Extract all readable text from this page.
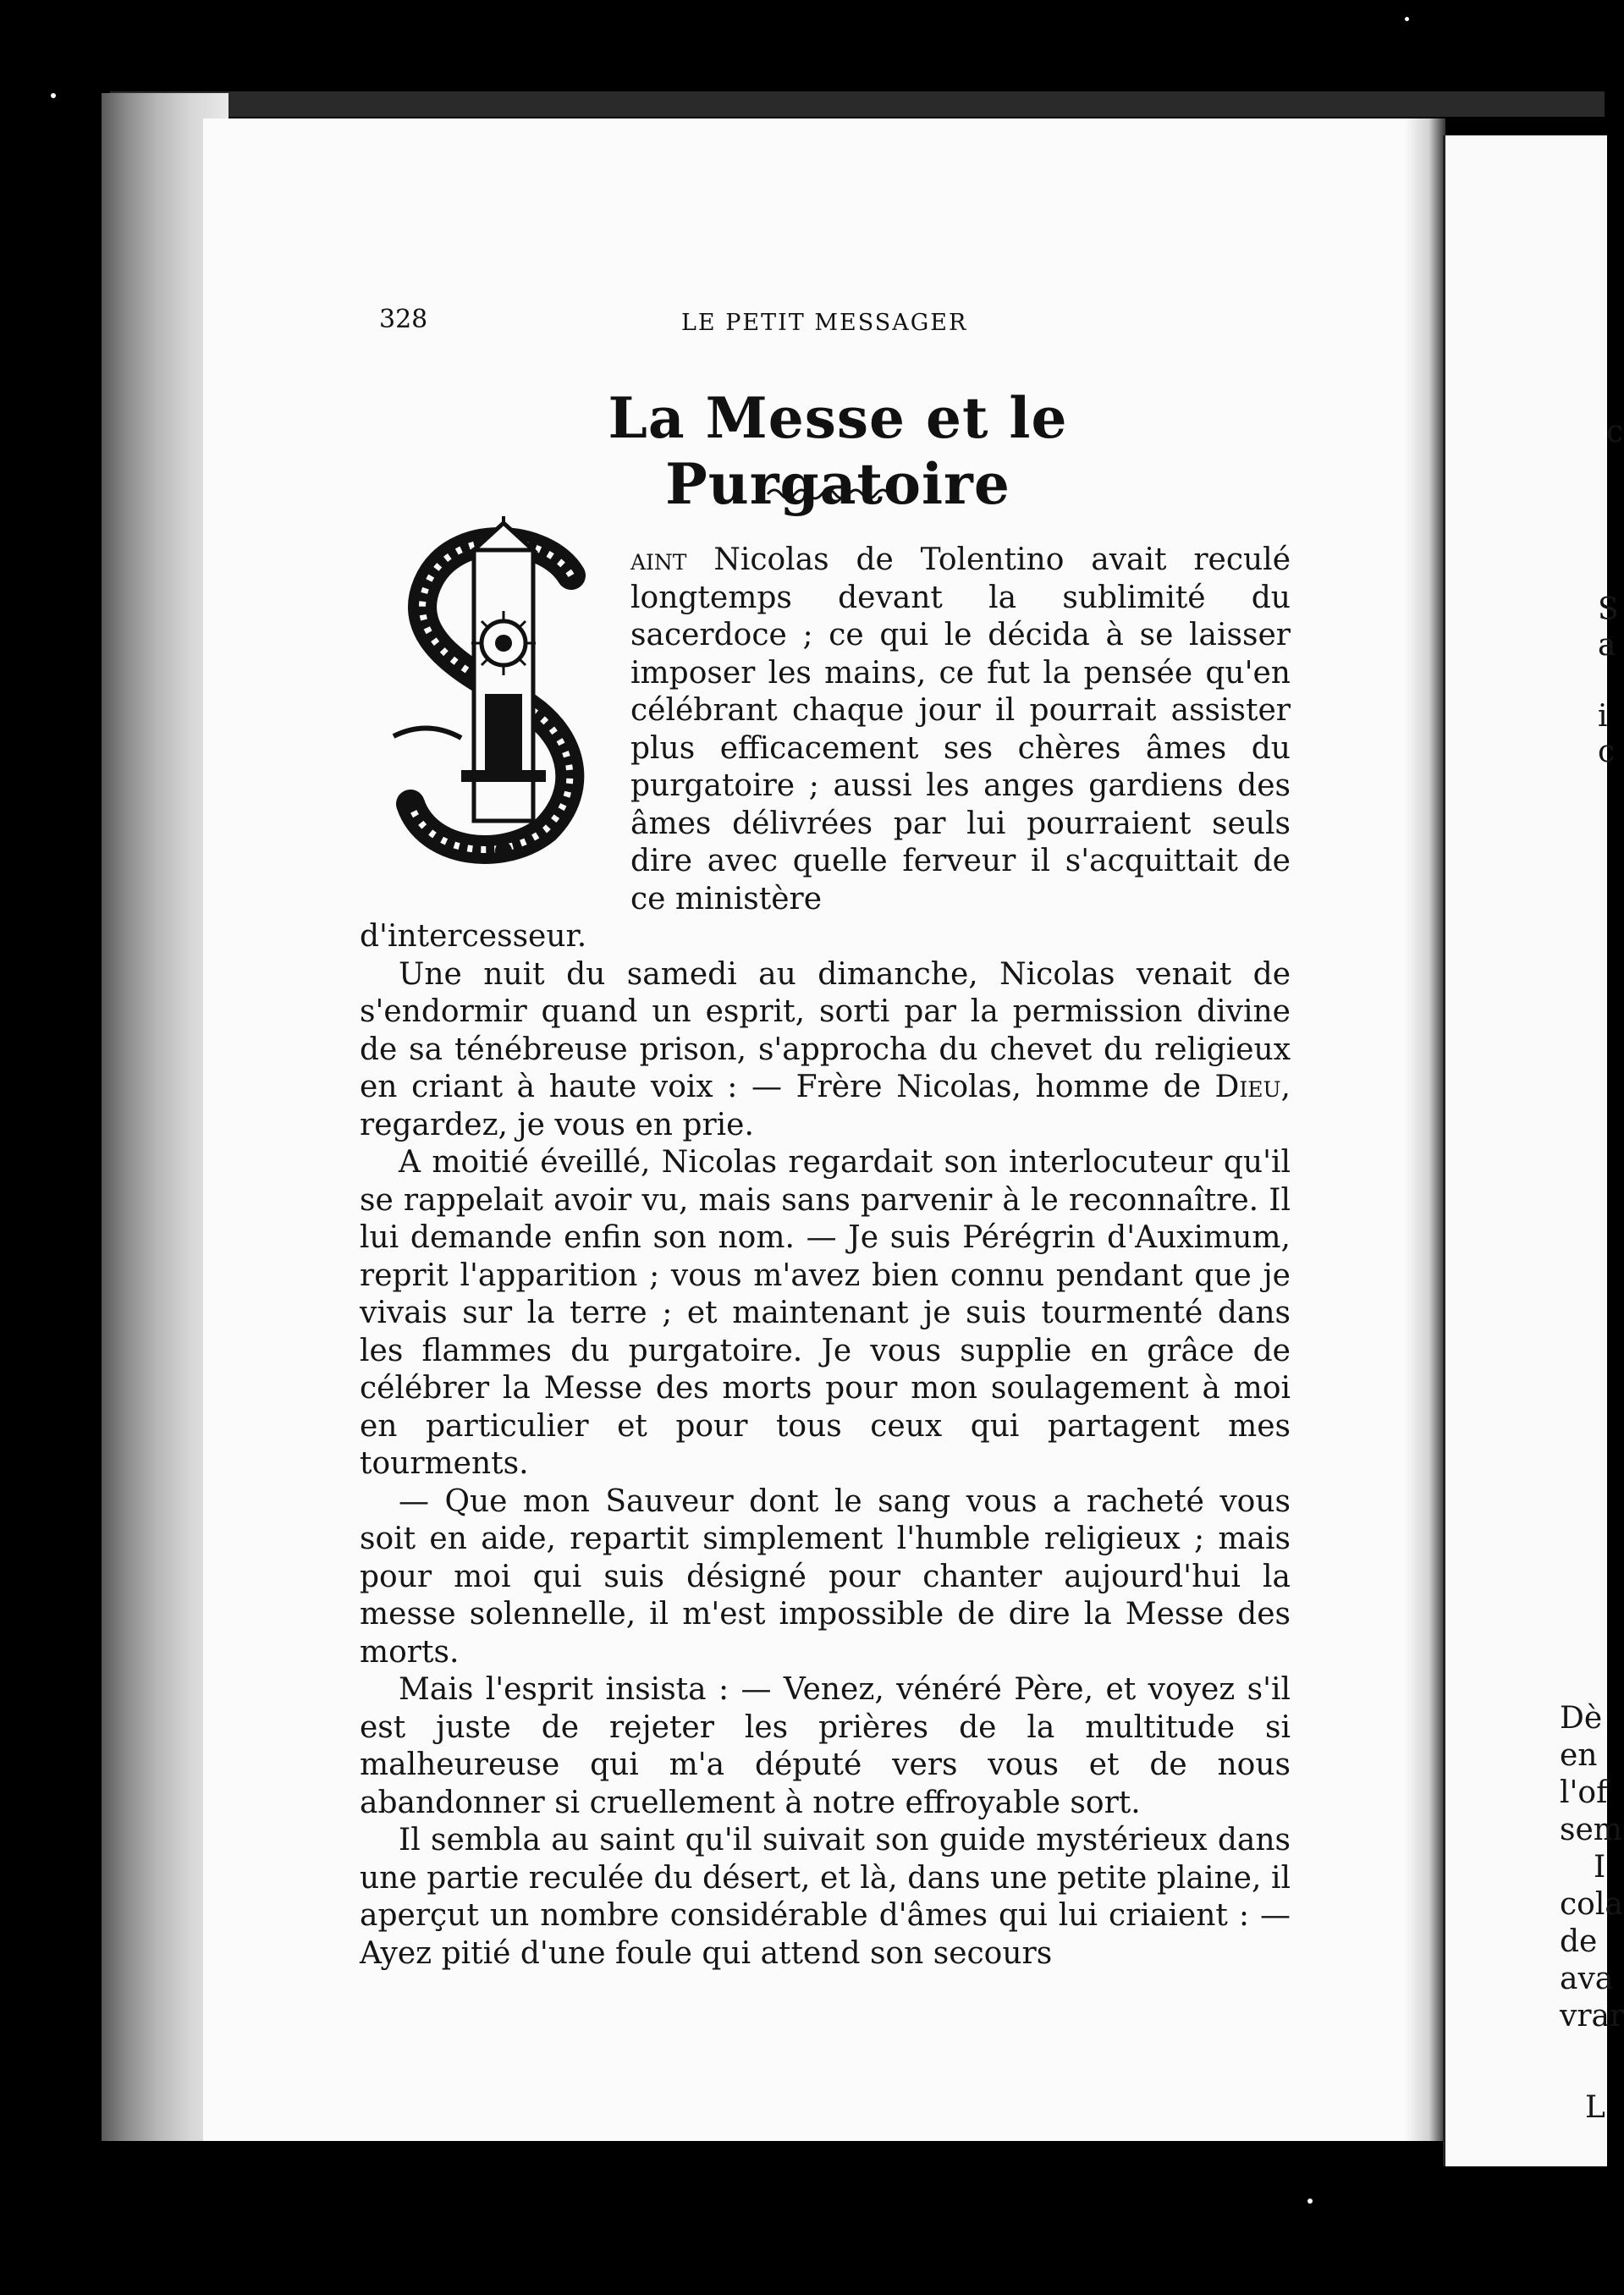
c
S
a
i
c
Dè
en
l'of
sem
I
cola
de
ava
vrar
L
328	LE PETIT MESSAGER
La Messe et le Purgatoire

aint Nicolas de Tolentino avait reculé longtemps devant la sublimité du sacerdoce ; ce qui le décida à se laisser imposer les mains, ce fut la pensée qu'en célébrant chaque jour il pourrait assister plus efficacement ses chères âmes du purgatoire ; aussi les anges gardiens des âmes délivrées par lui pourraient seuls dire avec quelle ferveur il s'acquittait de ce ministère

d'intercesseur.

Une nuit du samedi au dimanche, Nicolas venait de s'endormir quand un esprit, sorti par la permission divine de sa ténébreuse prison, s'approcha du chevet du religieux en criant à haute voix : — Frère Nicolas, homme de Dieu, regardez, je vous en prie.

A moitié éveillé, Nicolas regardait son interlocuteur qu'il se rappelait avoir vu, mais sans parvenir à le reconnaître. Il lui demande enfin son nom. — Je suis Pérégrin d'Auximum, reprit l'apparition ; vous m'avez bien connu pendant que je vivais sur la terre ; et maintenant je suis tourmenté dans les flammes du purgatoire. Je vous supplie en grâce de célébrer la Messe des morts pour mon soulagement à moi en particulier et pour tous ceux qui partagent mes tourments.

— Que mon Sauveur dont le sang vous a racheté vous soit en aide, repartit simplement l'humble religieux ; mais pour moi qui suis désigné pour chanter aujourd'hui la messe solennelle, il m'est impossible de dire la Messe des morts.

Mais l'esprit insista : — Venez, vénéré Père, et voyez s'il est juste de rejeter les prières de la multitude si malheureuse qui m'a député vers vous et de nous abandonner si cruellement à notre effroyable sort.

Il sembla au saint qu'il suivait son guide mystérieux dans une partie reculée du désert, et là, dans une petite plaine, il aperçut un nombre considérable d'âmes qui lui criaient : — Ayez pitié d'une foule qui attend son secours
